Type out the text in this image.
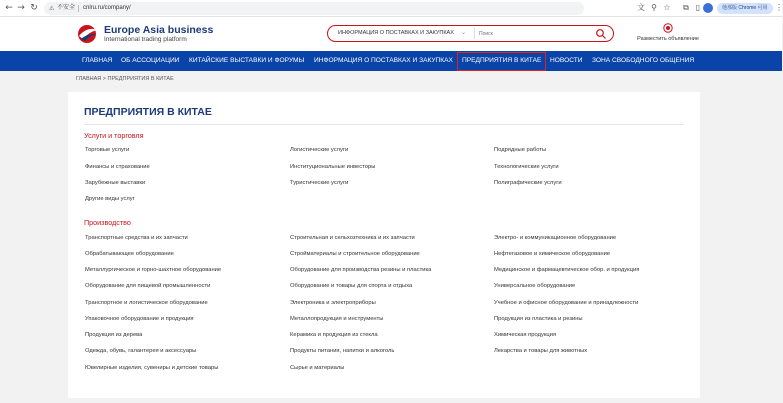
← → ↻	⚠ 不安全 cnlru.ru/company/	文 ⚲ ☆ ⧉ ▯	他那版 Chrome 可用 ⋮
Europe Asia business
International trading platform
ИНФОРМАЦИЯ О ПОСТАВКАХ И ЗАКУПКАХ ⌄
Поиск
Разместить объявление
ГЛАВНАЯ ОБ АССОЦИАЦИИ КИТАЙСКИЕ ВЫСТАВКИ И ФОРУМЫ ИНФОРМАЦИЯ О ПОСТАВКАХ И ЗАКУПКАХ	ПРЕДПРИЯТИЯ В КИТАЕ	НОВОСТИ ЗОНА СВОБОДНОГО ОБЩЕНИЯ
ГЛАВНАЯ > ПРЕДПРИЯТИЯ В КИТАЕ
ПРЕДПРИЯТИЯ В КИТАЕ
Услуги и торговля
Торговые услуги	Логистические услуги	Подрядные работы
Финансы и страхование	Институциональные инвесторы	Технологические услуги
Зарубежные выставки	Туристические услуги	Полиграфические услуги
Другие виды услуг
Производство
Транспортные средства и их запчасти	Строительная и сельхозтехника и их запчасти	Электро- и коммуникационное оборудование
Обрабатывающее оборудование	Стройматериалы и строительное оборудование	Нефтегазовое и химическое оборудование
Металлургическое и горно-шахтное оборудование	Оборудование для производства резины и пластика	Медицинское и фармацевтическое обор. и продукция
Оборудование для пищевой промышленности	Оборудование и товары для спорта и отдыха	Универсальное оборудование
Транспортное и логистическое оборудование	Электроника и электроприборы	Учебное и офисное оборудование и принадлежности
Упаковочное оборудование и продукция	Металлопродукция и инструменты	Продукция из пластика и резины
Продукция из дерева	Керамика и продукция из стекла	Химическая продукция
Одежда, обувь, галантерея и аксессуары	Продукты питания, напитки и алкоголь	Лекарства и товары для животных
Ювелирные изделия, сувениры и детские товары	Сырье и материалы
